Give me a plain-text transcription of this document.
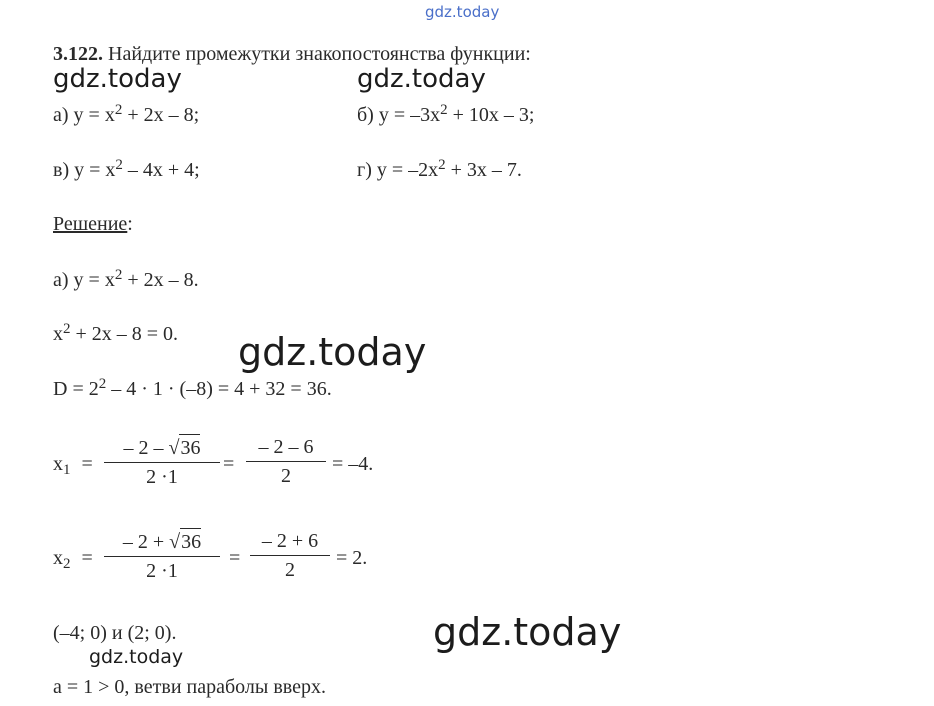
gdz.today
gdz.today	gdz.today
gdz.today
gdz.today
gdz.today
3.122. Найдите промежутки знакопостоянства функции:
а) $y = x^2 + 2x - 8$;	б) $y = -3x^2 + 10x - 3$;
в) $y = x^2 - 4x + 4$;	г) $y = -2x^2 + 3x - 7$.
Решение:
а) $y = x^2 + 2x - 8$.
$x^2 + 2x - 8 = 0$.
$D = 2^2 - 4 \cdot 1 \cdot (-8) = 4 + 32 = 36$.
$x_1$ =
– 2 – √36
2 ·1
=
– 2 – 6
2
= –4.
$x_2$ =
– 2 + √36
2 ·1
=
– 2 + 6
2
= 2.
(–4; 0) и (2; 0).
a = 1 > 0, ветви параболы вверх.
